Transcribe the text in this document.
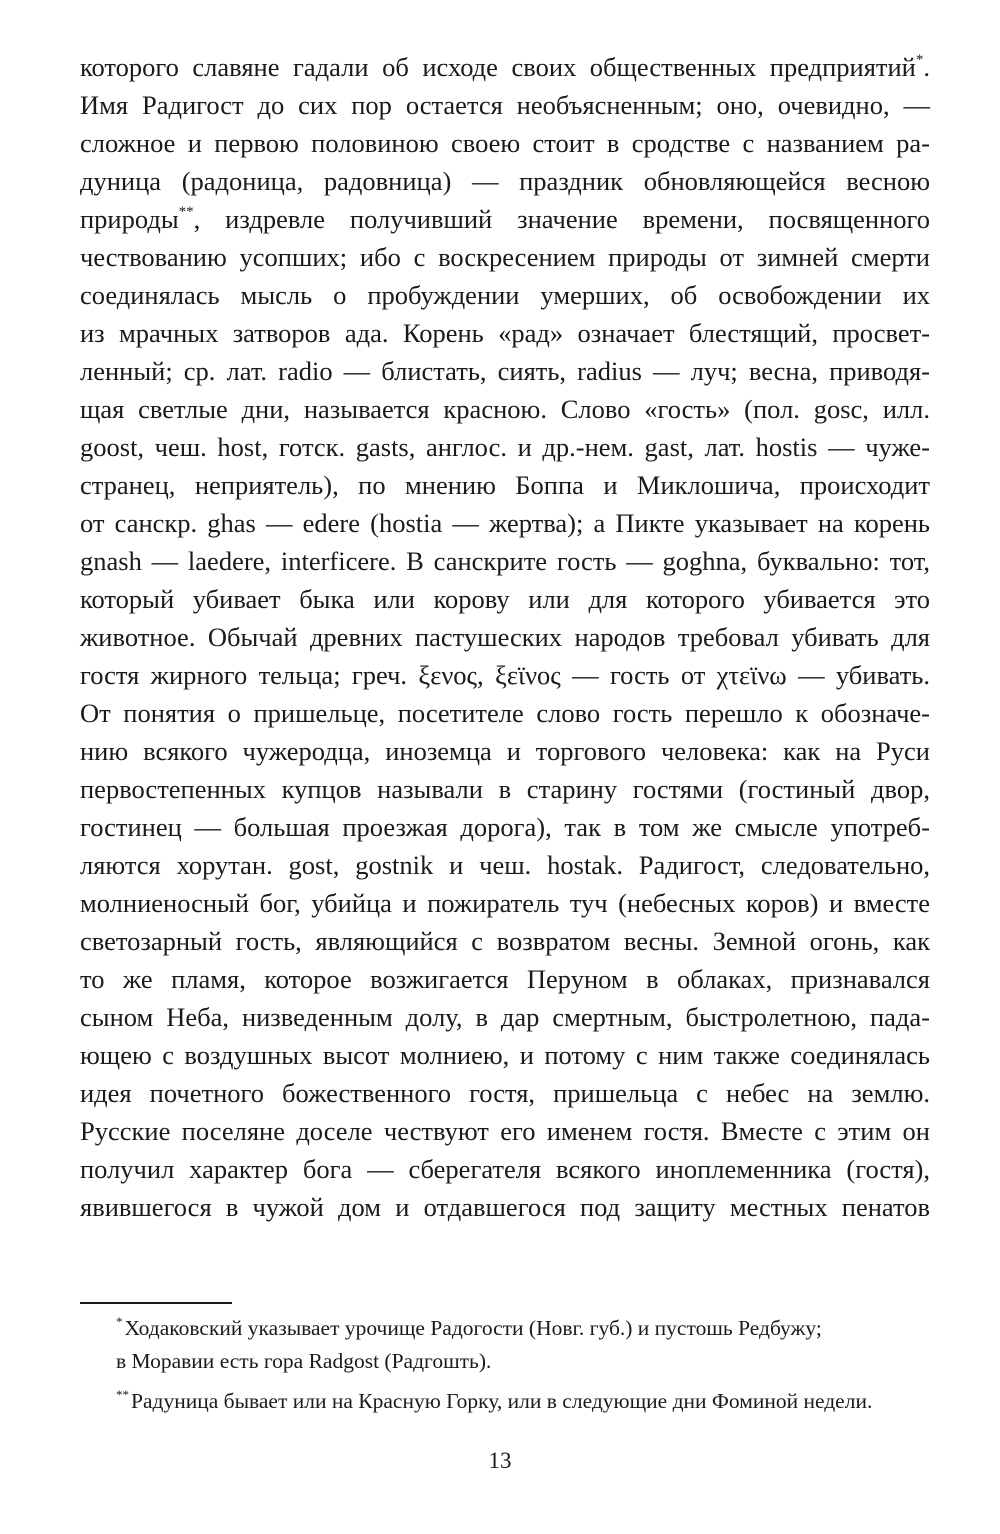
которого славяне гадали об исходе своих общественных предприятий*.
Имя Радигост до сих пор остается необъясненным; оно, очевидно, —
сложное и первою половиною своею стоит в сродстве с названием ра-
дуница (радоница, радовница) — праздник обновляющейся весною
природы**, издревле получивший значение времени, посвященного
чествованию усопших; ибо с воскресением природы от зимней смерти
соединялась мысль о пробуждении умерших, об освобождении их
из мрачных затворов ада. Корень «рад» означает блестящий, просвет-
ленный; ср. лат. radio — блистать, сиять, radius — луч; весна, приводя-
щая светлые дни, называется красною. Слово «гость» (пол. gosc, илл.
goost, чеш. host, готск. gasts, англос. и др.-нем. gast, лат. hostis — чуже-
странец, неприятель), по мнению Боппа и Миклошича, происходит
от санскр. ghas — edere (hostia — жертва); а Пикте указывает на корень
gnash — laedere, interficere. В санскрите гость — goghna, буквально: тот,
который убивает быка или корову или для которого убивается это
животное. Обычай древних пастушеских народов требовал убивать для
гостя жирного тельца; греч. ξενος, ξεϊνος — гость от χτεϊνω — убивать.
От понятия о пришельце, посетителе слово гость перешло к обозначе-
нию всякого чужеродца, иноземца и торгового человека: как на Руси
первостепенных купцов называли в старину гостями (гостиный двор,
гостинец — большая проезжая дорога), так в том же смысле употреб-
ляются хорутан. gost, gostnik и чеш. hostak. Радигост, следовательно,
молниеносный бог, убийца и пожиратель туч (небесных коров) и вместе
светозарный гость, являющийся с возвратом весны. Земной огонь, как
то же пламя, которое возжигается Перуном в облаках, признавался
сыном Неба, низведенным долу, в дар смертным, быстролетною, пада-
ющею с воздушных высот молниею, и потому с ним также соединялась
идея почетного божественного гостя, пришельца с небес на землю.
Русские поселяне доселе чествуют его именем гостя. Вместе с этим он
получил характер бога — сберегателя всякого иноплеменника (гостя),
явившегося в чужой дом и отдавшегося под защиту местных пенатов
*Ходаковский указывает урочище Радогости (Новг. губ.) и пустошь Редбужу;
в Моравии есть гора Radgost (Радгошть).
**Радуница бывает или на Красную Горку, или в следующие дни Фоминой недели.
13
